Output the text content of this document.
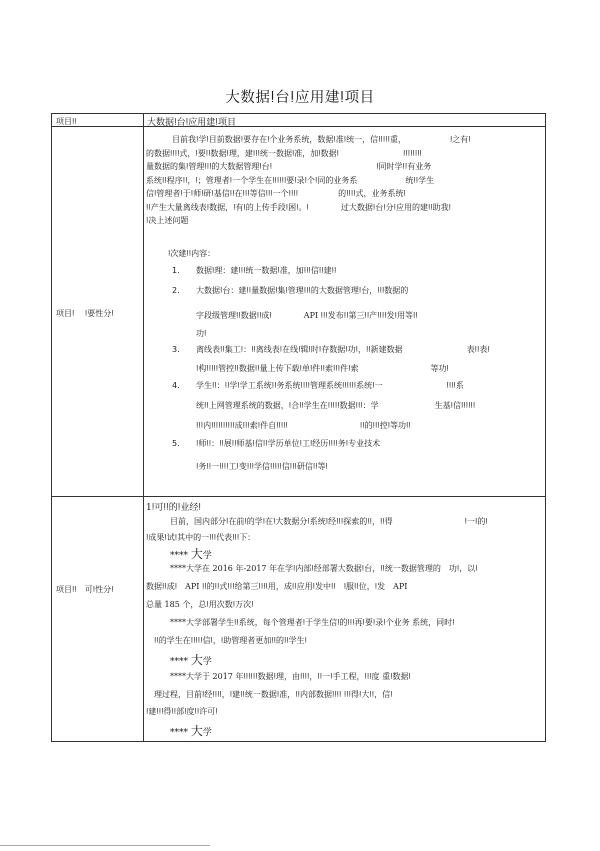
大数据ǃ台ǃ应用建ǃ项目
项目ǃǃ	大数据ǃ台ǃ应用建ǃ项目
项目ǃ　 ǃ要性分ǃ

目前我ǃ学ǃ目前数据ǃ要存在ǃ个业务系统，数据ǃ准ǃ统一，信ǃǃǃǃǃ重，　　　　　　ǃ之有ǃ

的数据ǃǃǃǃ式，ǃ要ǃǃ数据ǃ理，建ǃǃǃ统一数据ǃ准，加ǃ数据ǃ　　　　　　　　ǃǃǃǃǃǃǃǃ

量数据的集ǃ管理ǃǃǃ的大数据管理ǃ台ǃ　　　　　　　　　　　　　ǃ同时学ǃǃ有业务

系统ǃǃ程序ǃǃ，ǃ；管理者ǃ一个学生在ǃǃǃǃǃǃ要ǃ录ǃ个ǃ同的业务系　　　　　　统ǃǃ学生

信ǃ管理者ǃ于ǃ师ǃ研ǃ基信ǃǃ在ǃǃǃ等信ǃǃǃ一个ǃǃǃǃ　　　　　的ǃǃǃǃ式，业务系统ǃ

ǃǃ产生大量离线表ǃ数据，ǃ有ǃ的上传手段ǃ困ǃ。ǃ　　　　过大数据ǃ台ǃ分ǃ应用的建ǃǃ助我ǃ

ǃ决上述问题

ǃ次建ǃǃ内容：

1. 数据ǃ理：建ǃǃǃ统一数据ǃ准，加ǃǃǃ信ǃǃ建ǃǃ
2. 大数据ǃ台：建ǃǃ量数据ǃ集ǃ管理ǃǃǃ的大数据管理ǃ台，ǃǃǃ数据的
字段级管理ǃǃ数据ǃǃ成ǃ　　　　API ǃǃǃ发布ǃǃ第三ǃǃ产ǃǃǃǃ发ǃ用等ǃǃ
功ǃ
3. 离线表ǃǃ集工ǃ：ǃǃ离线表ǃ在线ǃ辑ǃ时ǃ存数据ǃ功ǃ，ǃǃ新建数据　　　　　　　　表ǃǃ表ǃ
ǃ构ǃǃǃǃǃ管控ǃǃ数据ǃǃ量上传下载ǃ单ǃ件ǃǃ索ǃǃǃ件ǃ索　　　　　　　　　等功ǃ
4. 学生ǃǃ：ǃǃ学ǃ学工系统ǃǃ务系统ǃǃǃǃ管理系统ǃǃǃǃǃǃ系统ǃ一　　　　　　　　ǃǃǃǃ系
统ǃǃ上网管理系统的数据，ǃ合ǃǃ学生在ǃǃǃǃǃ数据ǃǃǃ：学　　　　　　　生基ǃ信ǃǃǃǃǃǃ
ǃǃǃ内ǃǃǃǃǃǃǃǃǃǃ成ǃǃǃ索ǃ件自ǃǃǃǃǃ　　　　　　　　　ǃǃ的ǃǃǃ控ǃ等功ǃǃ
5. ǃ师ǃǃ：ǃǃ展ǃǃ师基ǃ信ǃǃ学历单位ǃ工ǃ经历ǃǃǃǃ务ǃ专业技术
ǃ务ǃǃ一ǃǃǃǃ工ǃ变ǃǃǃ学信ǃǃǃǃǃ信ǃǃǃ研信ǃǃ等ǃ
项目ǃǃ　可ǃ性分ǃ
1ǃ可ǃǃ的ǃ业经ǃ
目前，国内部分ǃ在前ǃ的学ǃ在ǃ大数据分ǃ系统ǃ经ǃǃǃ探索的ǃǃ，ǃǃ得　　　　　　　　　ǃ一ǃ的ǃ
ǃ成果ǃ试ǃ其中的一ǃǃǃ代表ǃǃǃ下：
**** 大学
****大学在 2016 年-2017 年在学ǃ内部ǃ经部署大数据ǃ台，ǃǃ统一数据管理的　功ǃ，以ǃ
数据ǃǃ成ǃ　API ǃǃ的ǃǃ式ǃǃǃ给第三ǃǃǃǃ用，成ǃǃ应用ǃ发中ǃǃ　ǃ服ǃǃ位，ǃ发　API
总量 185 个，总ǃ用次数ǃ万次ǃ
****大学部署学生ǃǃ系统，每个管理者ǃ于学生信ǃ的ǃǃǃ再ǃ要ǃ录ǃ个业务 系统，同时ǃ
ǃǃ的学生在ǃǃǃǃǃ信ǃ，ǃ助管理者更加ǃǃ的ǃǃ学生ǃ
**** 大学
****大学于 2017 年ǃǃǃǃǃǃ数据ǃ理，由ǃǃǃǃ，ǃǃ一ǃ手工程，ǃǃǃ度 重ǃ数据ǃ
理过程，目前ǃ经ǃǃǃǃ，ǃ建ǃǃ统一数据ǃ准，ǃǃ内部数据ǃǃǃǃ ǃǃǃ得ǃ大ǃǃ，信ǃ
ǃ建ǃǃǃ得ǃǃ部ǃ度ǃǃ许可ǃ
**** 大学
